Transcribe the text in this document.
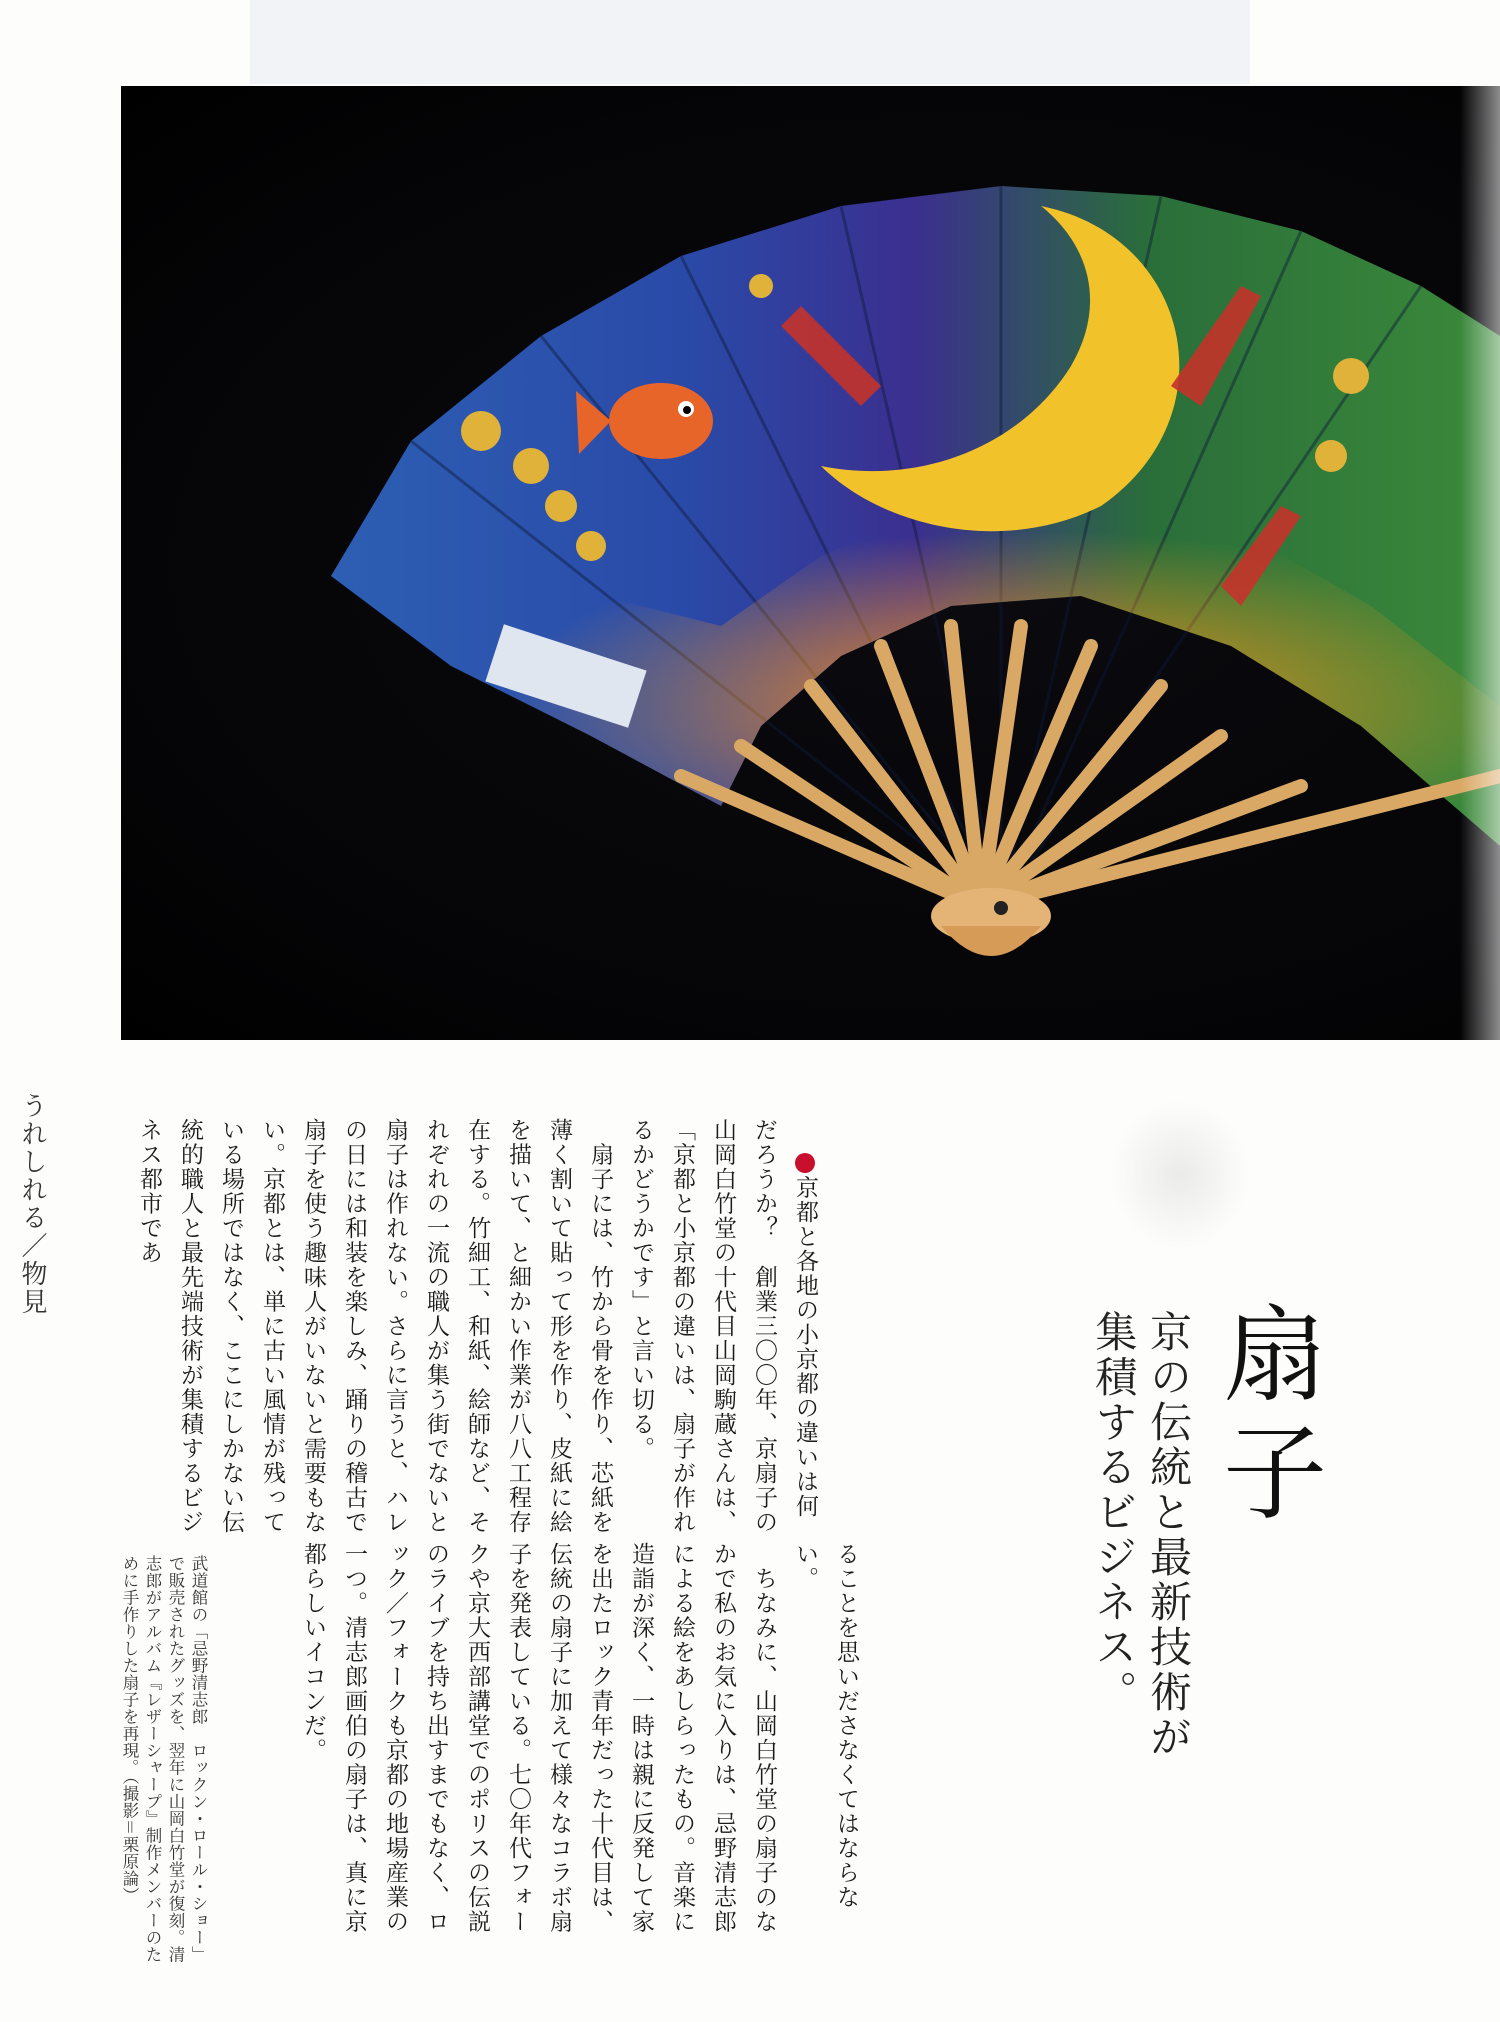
うれしれる／物見
扇子
京の伝統と最新技術が
集積するビジネス。

京都と各地の小京都の違いは何だろうか？　創業三〇〇年、京扇子の山岡白竹堂の十代目山岡駒蔵さんは、「京都と小京都の違いは、扇子が作れるかどうかです」と言い切る。
　扇子には、竹から骨を作り、芯紙を薄く割いて貼って形を作り、皮紙に絵を描いて、と細かい作業が八八工程存在する。竹細工、和紙、絵師など、それぞれの一流の職人が集う街でないと扇子は作れない。さらに言うと、ハレの日には和装を楽しみ、踊りの稽古で扇子を使う趣味人がいないと需要もない。京都とは、単に古い風情が残っている場所ではなく、ここにしかない伝統的職人と最先端技術が集積するビジネス都市であ

ることを思いださなくてはならない。
　ちなみに、山岡白竹堂の扇子のなかで私のお気に入りは、忌野清志郎による絵をあしらったもの。音楽に造詣が深く、一時は親に反発して家を出たロック青年だった十代目は、伝統の扇子に加えて様々なコラボ扇子を発表している。七〇年代フォークや京大西部講堂でのポリスの伝説のライブを持ち出すまでもなく、ロック／フォークも京都の地場産業の一つ。清志郎画伯の扇子は、真に京都らしいイコンだ。
武道館の「忌野清志郎　ロックン・ロール・ショー」で販売されたグッズを、翌年に山岡白竹堂が復刻。清志郎がアルバム『レザーシャープ』制作メンバーのために手作りした扇子を再現。（撮影＝栗原論）
